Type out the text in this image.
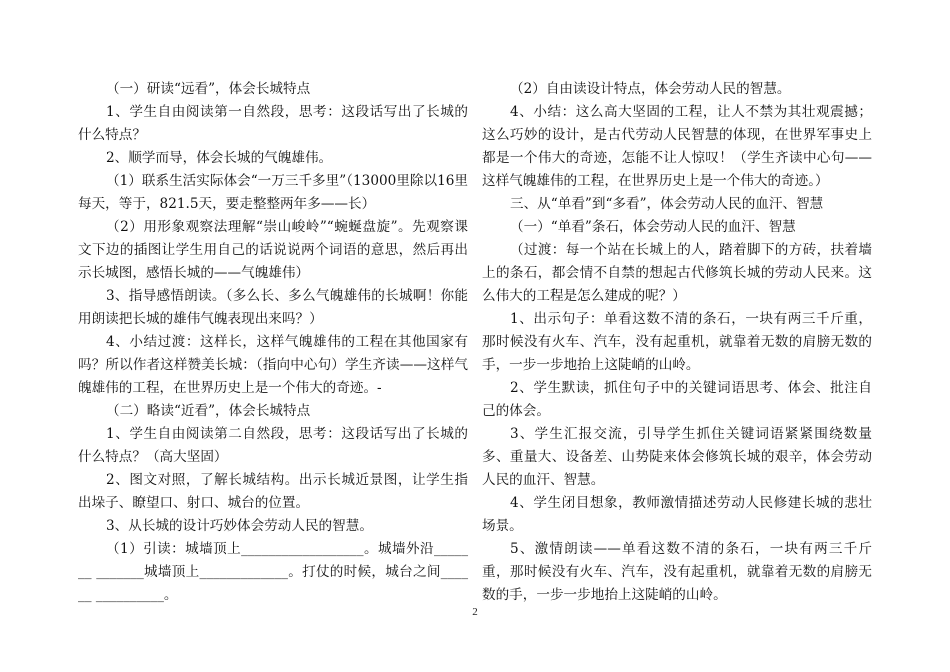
（一）研读“远看”，体会长城特点

1、学生自由阅读第一自然段，思考：这段话写出了长城的什么特点？

2、顺学而导，体会长城的气魄雄伟。

（1）联系生活实际体会“一万三千多里”（13000里除以16里每天，等于，821.5天，要走整整两年多——长）

（2）用形象观察法理解“崇山峻岭”“蜿蜒盘旋”。先观察课文下边的插图让学生用自己的话说说两个词语的意思，然后再出示长城图，感悟长城的——气魄雄伟）

3、指导感悟朗读。（多么长、多么气魄雄伟的长城啊！你能用朗读把长城的雄伟气魄表现出来吗？）

4、小结过渡：这样长，这样气魄雄伟的工程在其他国家有吗？所以作者这样赞美长城：（指向中心句）学生齐读——这样气魄雄伟的工程，在世界历史上是一个伟大的奇迹。-

（二）略读“近看”，体会长城特点

1、学生自由阅读第二自然段，思考：这段话写出了长城的什么特点？（高大坚固）

2、图文对照，了解长城结构。出示长城近景图，让学生指出垛子、瞭望口、射口、城台的位置。

3、从长城的设计巧妙体会劳动人民的智慧。

（1）引读：城墙顶上__________________。城墙外沿_______ _______城墙顶上_____________。打仗的时候，城台之间______ __________。

（2）自由读设计特点，体会劳动人民的智慧。

4、小结：这么高大坚固的工程，让人不禁为其壮观震撼；这么巧妙的设计，是古代劳动人民智慧的体现，在世界军事史上都是一个伟大的奇迹，怎能不让人惊叹！（学生齐读中心句——这样气魄雄伟的工程，在世界历史上是一个伟大的奇迹。）

三、从“单看”到“多看”，体会劳动人民的血汗、智慧

（一）“单看”条石，体会劳动人民的血汗、智慧

（过渡：每一个站在长城上的人，踏着脚下的方砖，扶着墙上的条石，都会情不自禁的想起古代修筑长城的劳动人民来。这么伟大的工程是怎么建成的呢？）

1、出示句子：单看这数不清的条石，一块有两三千斤重，那时候没有火车、汽车，没有起重机，就靠着无数的肩膀无数的手，一步一步地抬上这陡峭的山岭。

2、学生默读，抓住句子中的关键词语思考、体会、批注自己的体会。

3、学生汇报交流，引导学生抓住关键词语紧紧围绕数量多、重量大、设备差、山势陡来体会修筑长城的艰辛，体会劳动人民的血汗、智慧。

4、学生闭目想象，教师激情描述劳动人民修建长城的悲壮场景。

5、激情朗读——单看这数不清的条石，一块有两三千斤重，那时候没有火车、汽车，没有起重机，就靠着无数的肩膀无数的手，一步一步地抬上这陡峭的山岭。

2
